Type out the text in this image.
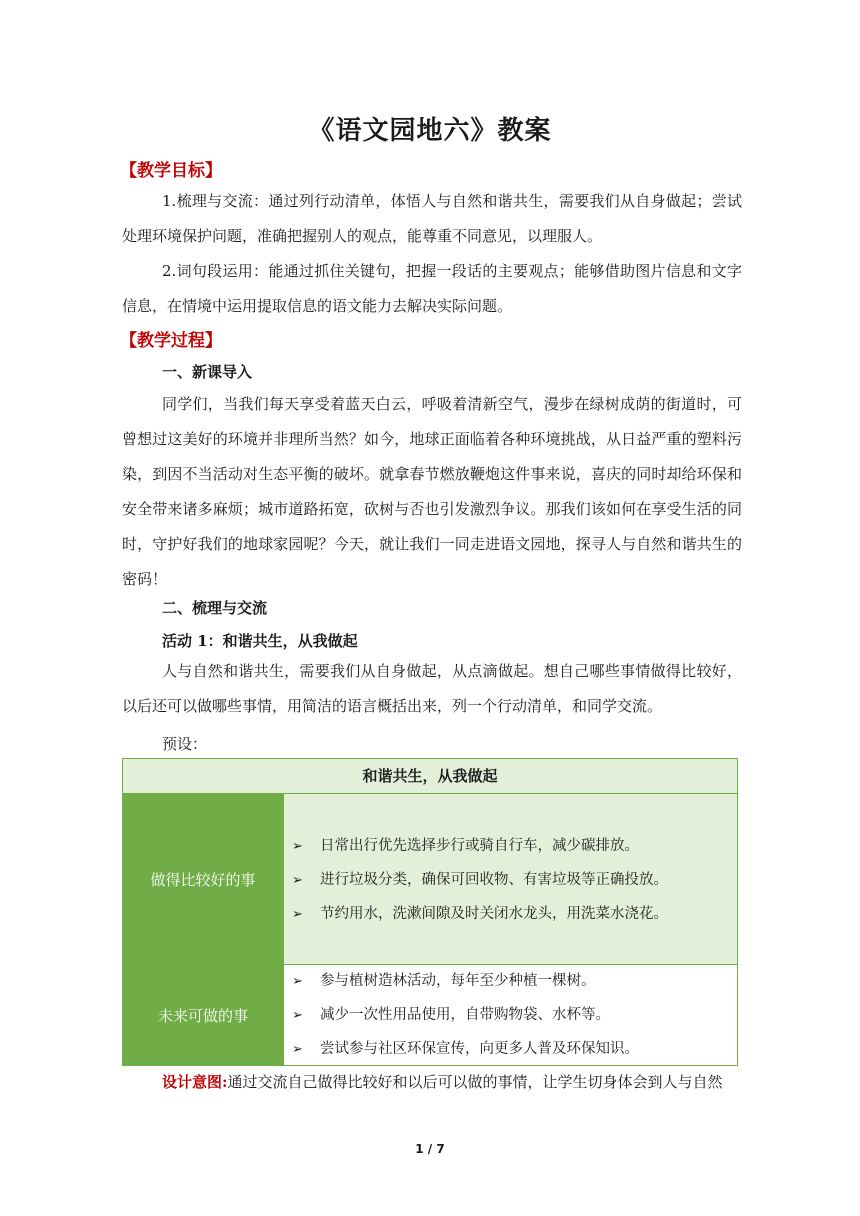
《语文园地六》教案
【教学目标】
1.梳理与交流：通过列行动清单，体悟人与自然和谐共生，需要我们从自身做起；尝试处理环境保护问题，准确把握别人的观点，能尊重不同意见，以理服人。
2.词句段运用：能通过抓住关键句，把握一段话的主要观点；能够借助图片信息和文字信息，在情境中运用提取信息的语文能力去解决实际问题。
【教学过程】
一、新课导入
同学们，当我们每天享受着蓝天白云，呼吸着清新空气，漫步在绿树成荫的街道时，可曾想过这美好的环境并非理所当然？如今，地球正面临着各种环境挑战，从日益严重的塑料污染，到因不当活动对生态平衡的破坏。就拿春节燃放鞭炮这件事来说，喜庆的同时却给环保和安全带来诸多麻烦；城市道路拓宽，砍树与否也引发激烈争议。那我们该如何在享受生活的同时，守护好我们的地球家园呢？今天，就让我们一同走进语文园地，探寻人与自然和谐共生的密码！
二、梳理与交流
活动 1：和谐共生，从我做起
人与自然和谐共生，需要我们从自身做起，从点滴做起。想自己哪些事情做得比较好，以后还可以做哪些事情，用简洁的语言概括出来，列一个行动清单，和同学交流。
预设：
和谐共生，从我做起
做得比较好的事
➢ 日常出行优先选择步行或骑自行车，减少碳排放。
➢ 进行垃圾分类，确保可回收物、有害垃圾等正确投放。
➢ 节约用水，洗漱间隙及时关闭水龙头，用洗菜水浇花。
未来可做的事
➢ 参与植树造林活动，每年至少种植一棵树。
➢ 减少一次性用品使用，自带购物袋、水杯等。
➢ 尝试参与社区环保宣传，向更多人普及环保知识。
设计意图:通过交流自己做得比较好和以后可以做的事情，让学生切身体会到人与自然
1 / 7
